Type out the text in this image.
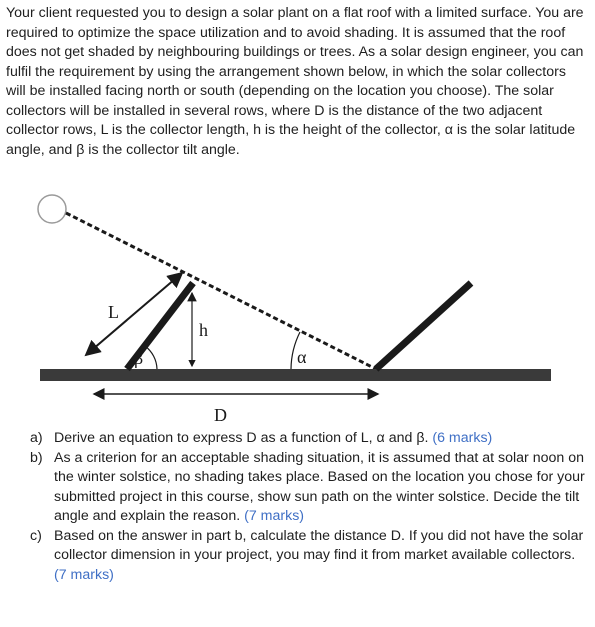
Your client requested you to design a solar plant on a flat roof with a limited surface. You are required to optimize the space utilization and to avoid shading. It is assumed that the roof does not get shaded by neighbouring buildings or trees. As a solar design engineer, you can fulfil the requirement by using the arrangement shown below, in which the solar collectors will be installed facing north or south (depending on the location you choose). The solar collectors will be installed in several rows, where D is the distance of the two adjacent collector rows, L is the collector length, h is the height of the collector, α is the solar latitude angle, and β is the collector tilt angle.

L
h
β	α
D
a) Derive an equation to express D as a function of L, α and β. (6 marks)
b) As a criterion for an acceptable shading situation, it is assumed that at solar noon on the winter solstice, no shading takes place. Based on the location you chose for your submitted project in this course, show sun path on the winter solstice. Decide the tilt angle and explain the reason. (7 marks)
c) Based on the answer in part b, calculate the distance D. If you did not have the solar collector dimension in your project, you may find it from market available collectors. (7 marks)
